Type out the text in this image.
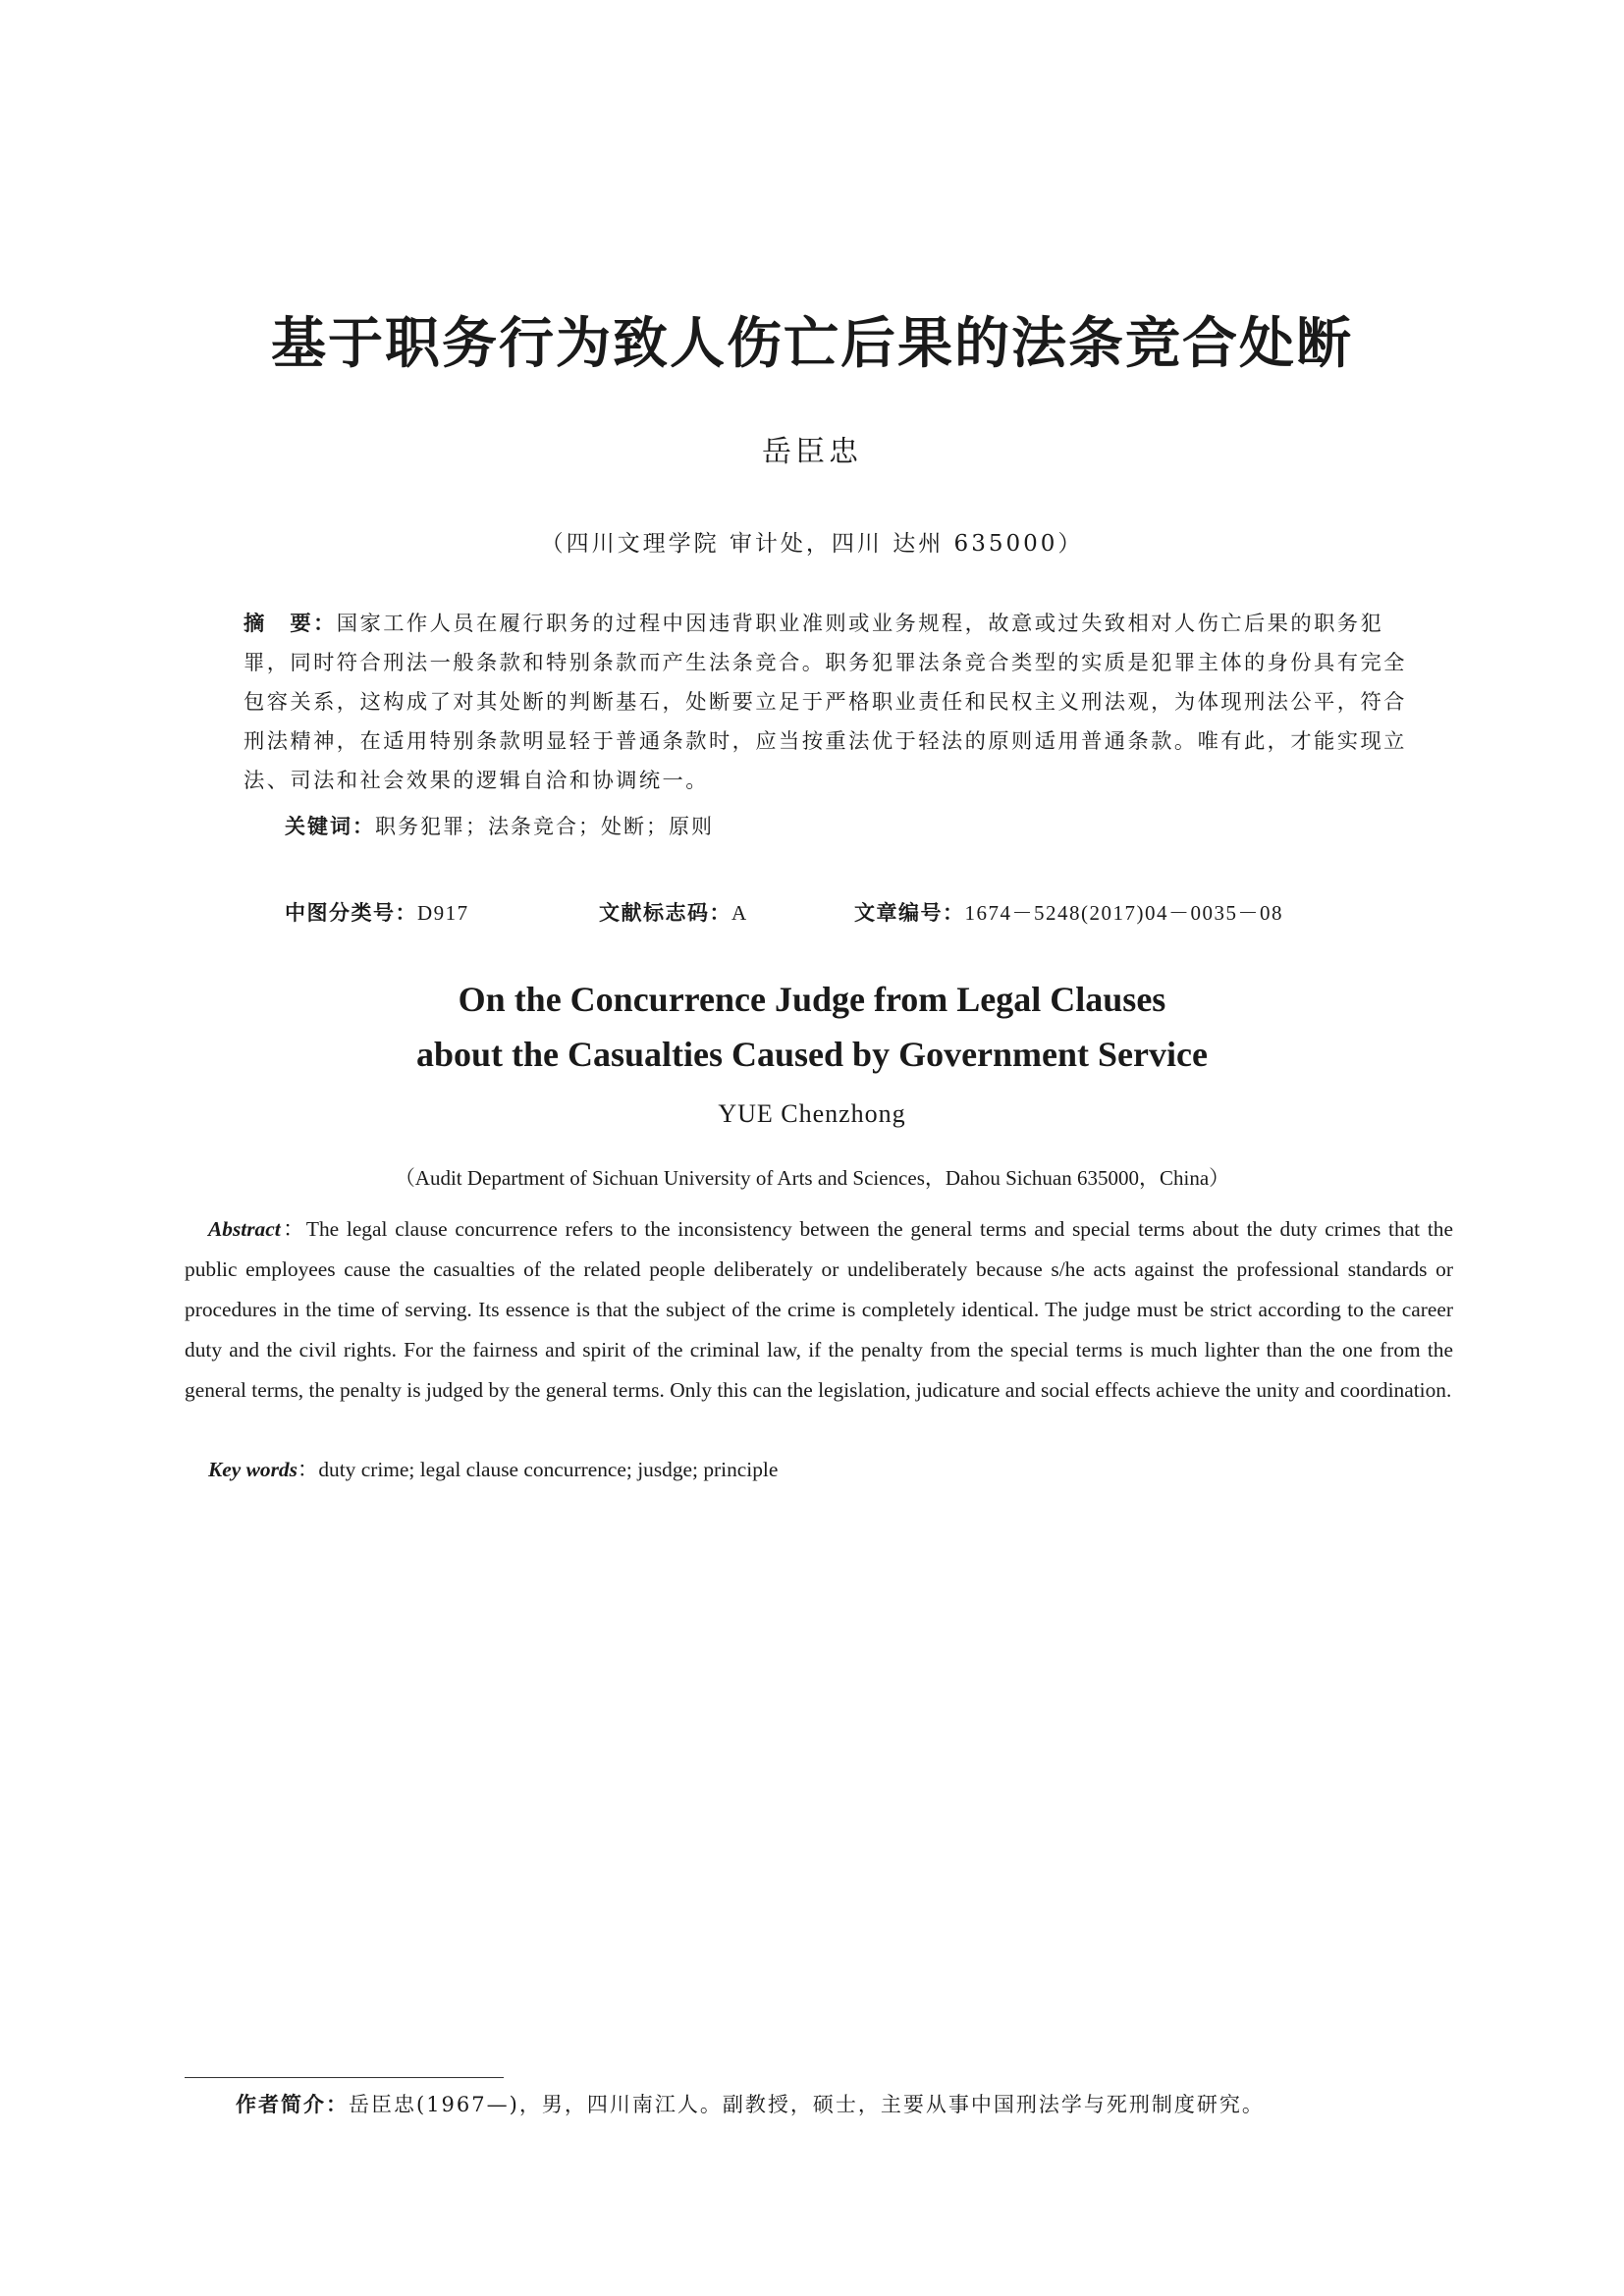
基于职务行为致人伤亡后果的法条竞合处断
岳臣忠
（四川文理学院 审计处，四川 达州 635000）

摘　要：国家工作人员在履行职务的过程中因违背职业准则或业务规程，故意或过失致相对人伤亡后果的职务犯罪，同时符合刑法一般条款和特别条款而产生法条竞合。职务犯罪法条竞合类型的实质是犯罪主体的身份具有完全包容关系，这构成了对其处断的判断基石，处断要立足于严格职业责任和民权主义刑法观，为体现刑法公平，符合刑法精神，在适用特别条款明显轻于普通条款时，应当按重法优于轻法的原则适用普通条款。唯有此，才能实现立法、司法和社会效果的逻辑自洽和协调统一。

关键词：职务犯罪；法条竞合；处断；原则
中图分类号：D917	文献标志码：A	文章编号：1674－5248(2017)04－0035－08
On the Concurrence Judge from Legal Clauses
about the Casualties Caused by Government Service
YUE Chenzhong
（Audit Department of Sichuan University of Arts and Sciences，Dahou Sichuan 635000，China）

Abstract：The legal clause concurrence refers to the inconsistency between the general terms and special terms about the duty crimes that the public employees cause the casualties of the related people deliberately or undeliberately because s/he acts against the professional standards or procedures in the time of serving. Its essence is that the subject of the crime is completely identical. The judge must be strict according to the career duty and the civil rights. For the fairness and spirit of the criminal law, if the penalty from the special terms is much lighter than the one from the general terms, the penalty is judged by the general terms. Only this can the legislation, judicature and social effects achieve the unity and coordination.

Key words：duty crime; legal clause concurrence; jusdge; principle
作者简介：岳臣忠(1967—)，男，四川南江人。副教授，硕士，主要从事中国刑法学与死刑制度研究。
